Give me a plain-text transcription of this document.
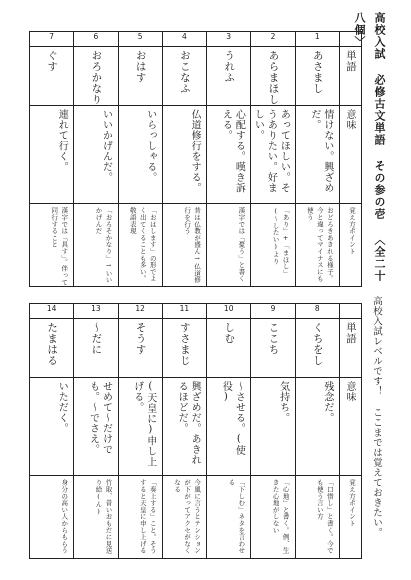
高校入試 必修古文単語 その参の壱 〈全二十八個〉
高校入試レベルです！ ここまでは覚えておきたい。
7	6	5	4	3	2	1	

ぐす	おろかなり	おはす	おこなふ	うれふ	あらまほし	あさまし	単語

連れて行く。	いいかげんだ。	いらっしゃる。	仏道修行をする。	心配する。嘆き訴える。	あってほしい。そうありたい。好ましい。	情けない。興ざめだ。	意味

漢字では「具す」。伴って同行すること	「おろそかなり」→いいかげんだ	「おはします」の形でよく出てくることも多い。敬語表現	昔は仏教が盛ん→仏道修行を行う	漢字では「憂う」と書く	「あり」+「まほし」(〜したい)より	おどろきあきれる様子。今と違ってマイナスにも使う	覚え方ポイント
14	13	12	11	10	9	8	

たまはる	〜だに	そうす	すさまじ	しむ	ここち	くちをし	単語

いただく。	せめて〜だけでも。〜でさえ。	(天皇に)申し上げる。	興ざめだ。あきれるほどだ。	〜させる。(使役)	気持ち。	残念だ。	意味

身分の高い人からもらう	竹取、昔いおもだに見送り給(ん)	「奏上する」こと。そうすると天皇に申し上げる	今風に言うとテンションが下がってアクセがなくなる	「下しむ」ネタを言わせる	「心地」と書く。例、生きた心地がしない	「口惜し」と書く。今でも使う言い方	覚え方ポイント
